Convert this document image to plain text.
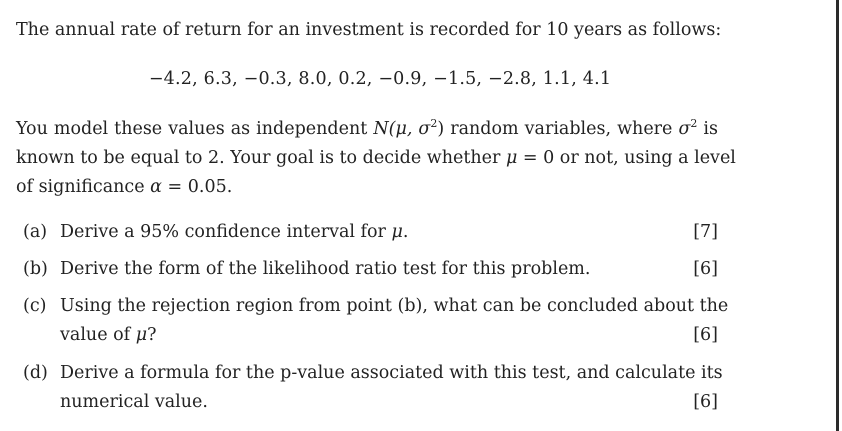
The annual rate of return for an investment is recorded for 10 years as follows:
−4.2, 6.3, −0.3, 8.0, 0.2, −0.9, −1.5, −2.8, 1.1, 4.1
You model these values as independent N(μ, $\sigma^2$) random variables, where $\sigma^2$ is
known to be equal to 2. Your goal is to decide whether μ = 0 or not, using a level
of significance α = 0.05.
(a) Derive a 95% confidence interval for μ.	[7]
(b) Derive the form of the likelihood ratio test for this problem.	[6]
(c) Using the rejection region from point (b), what can be concluded about the
value of μ?	[6]
(d) Derive a formula for the p-value associated with this test, and calculate its
numerical value.	[6]
